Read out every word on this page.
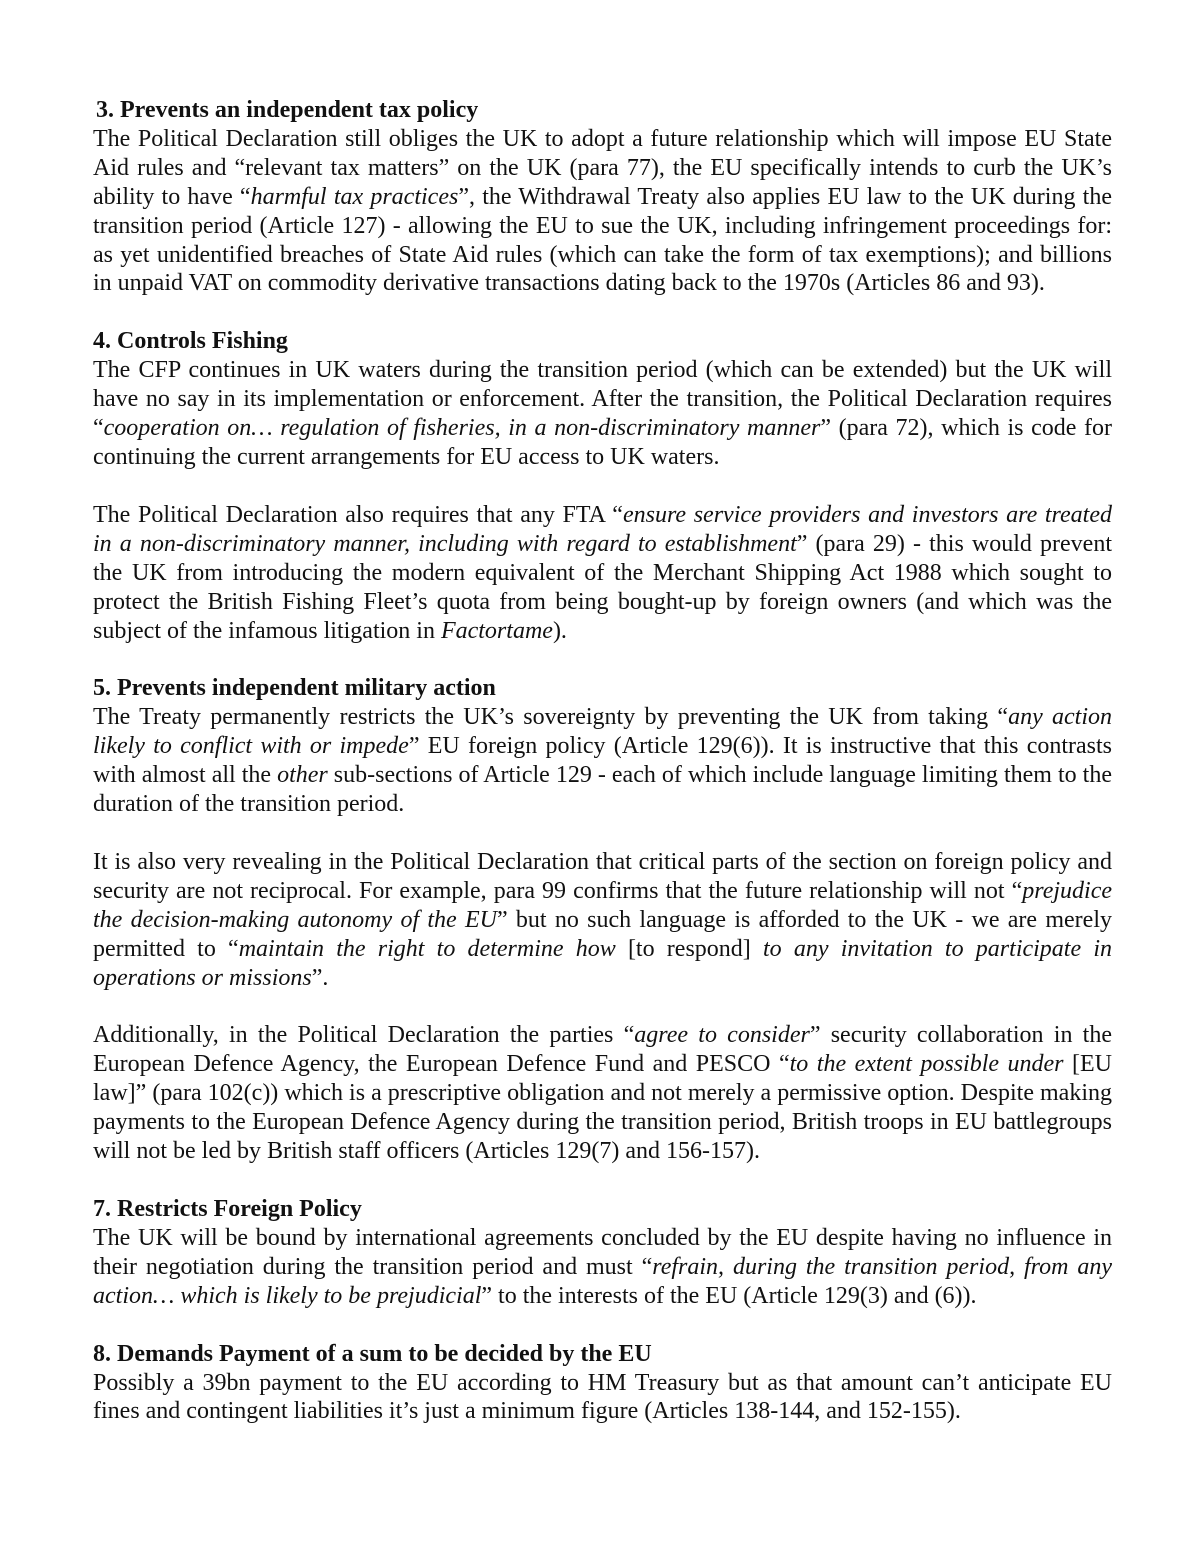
3. Prevents an independent tax policy

The Political Declaration still obliges the UK to adopt a future relationship which will impose EU State Aid rules and “relevant tax matters” on the UK (para 77), the EU specifically intends to curb the UK’s ability to have “harmful tax practices”, the Withdrawal Treaty also applies EU law to the UK during the transition period (Article 127) - allowing the EU to sue the UK, including infringement proceedings for: as yet unidentified breaches of State Aid rules (which can take the form of tax exemptions); and billions in unpaid VAT on commodity derivative transactions dating back to the 1970s (Articles 86 and 93).

4. Controls Fishing

The CFP continues in UK waters during the transition period (which can be extended) but the UK will have no say in its implementation or enforcement. After the transition, the Political Declaration requires “cooperation on… regulation of fisheries, in a non-discriminatory manner” (para 72), which is code for continuing the current arrangements for EU access to UK waters.

The Political Declaration also requires that any FTA “ensure service providers and investors are treated in a non-discriminatory manner, including with regard to establishment” (para 29) - this would prevent the UK from introducing the modern equivalent of the Merchant Shipping Act 1988 which sought to protect the British Fishing Fleet’s quota from being bought-up by foreign owners (and which was the subject of the infamous litigation in Factortame).

5. Prevents independent military action

The Treaty permanently restricts the UK’s sovereignty by preventing the UK from taking “any action likely to conflict with or impede” EU foreign policy (Article 129(6)). It is instructive that this contrasts with almost all the other sub-sections of Article 129 - each of which include language limiting them to the duration of the transition period.

It is also very revealing in the Political Declaration that critical parts of the section on foreign policy and security are not reciprocal. For example, para 99 confirms that the future relationship will not “prejudice the decision-making autonomy of the EU” but no such language is afforded to the UK - we are merely permitted to “maintain the right to determine how [to respond] to any invitation to participate in operations or missions”.

Additionally, in the Political Declaration the parties “agree to consider” security collaboration in the European Defence Agency, the European Defence Fund and PESCO “to the extent possible under [EU law]” (para 102(c)) which is a prescriptive obligation and not merely a permissive option. Despite making payments to the European Defence Agency during the transition period, British troops in EU battlegroups will not be led by British staff officers (Articles 129(7) and 156-157).

7. Restricts Foreign Policy

The UK will be bound by international agreements concluded by the EU despite having no influence in their negotiation during the transition period and must “refrain, during the transition period, from any action… which is likely to be prejudicial” to the interests of the EU (Article 129(3) and (6)).

8. Demands Payment of a sum to be decided by the EU

Possibly a 39bn payment to the EU according to HM Treasury but as that amount can’t anticipate EU fines and contingent liabilities it’s just a minimum figure (Articles 138-144, and 152-155).
